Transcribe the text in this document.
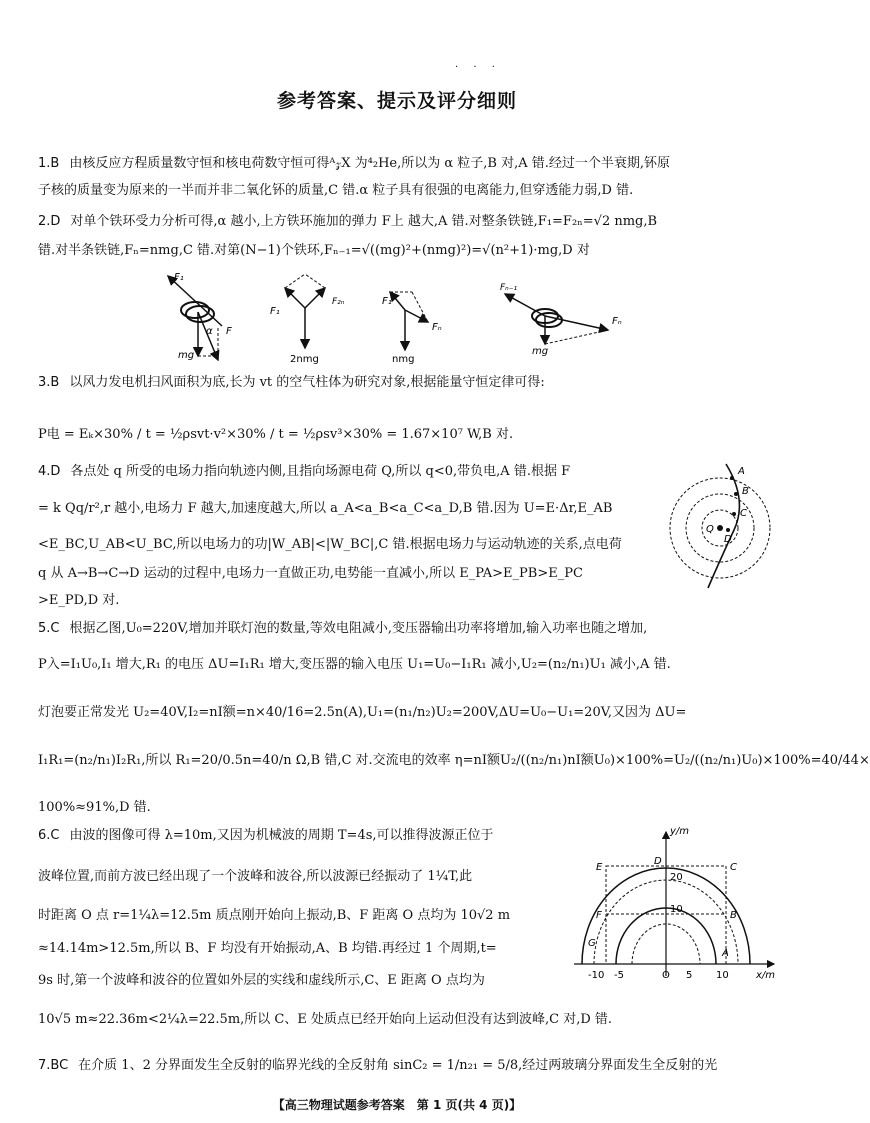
· · ·
参考答案、提示及评分细则
1.B 由核反应方程质量数守恒和核电荷数守恒可得ᴬ𝓏X 为⁴₂He,所以为 α 粒子,B 对,A 错.经过一个半衰期,钚原
子核的质量变为原来的一半而并非二氧化钚的质量,C 错.α 粒子具有很强的电离能力,但穿透能力弱,D 错.
2.D 对单个铁环受力分析可得,α 越小,上方铁环施加的弹力 F上 越大,A 错.对整条铁链,F₁=F₂ₙ=√2 nmg,B
错.对半条铁链,Fₙ=nmg,C 错.对第(N−1)个铁环,Fₙ₋₁=√((mg)²+(nmg)²)=√(n²+1)·mg,D 对
F₁
α F
mg
F₁
F₂ₙ
2nmg
F₁
Fₙ
nmg
Fₙ₋₁
Fₙ
mg
3.B 以风力发电机扫风面积为底,长为 vt 的空气柱体为研究对象,根据能量守恒定律可得:
P电 = Eₖ×30% / t = ½ρsvt·v²×30% / t = ½ρsv³×30% = 1.67×10⁷ W,B 对.
4.D 各点处 q 所受的电场力指向轨迹内侧,且指向场源电荷 Q,所以 q<0,带负电,A 错.根据 F
= k Qq/r²,r 越小,电场力 F 越大,加速度越大,所以 a_A<a_B<a_C<a_D,B 错.因为 U=E·Δr,E_AB
<E_BC,U_AB<U_BC,所以电场力的功|W_AB|<|W_BC|,C 错.根据电场力与运动轨迹的关系,点电荷
q 从 A→B→C→D 运动的过程中,电场力一直做正功,电势能一直减小,所以 E_PA>E_PB>E_PC
>E_PD,D 对.
A
B
C
D
Q
5.C 根据乙图,U₀=220V,增加并联灯泡的数量,等效电阻减小,变压器输出功率将增加,输入功率也随之增加,
P入=I₁U₀,I₁ 增大,R₁ 的电压 ΔU=I₁R₁ 增大,变压器的输入电压 U₁=U₀−I₁R₁ 减小,U₂=(n₂/n₁)U₁ 减小,A 错.
灯泡要正常发光 U₂=40V,I₂=nI额=n×40/16=2.5n(A),U₁=(n₁/n₂)U₂=200V,ΔU=U₀−U₁=20V,又因为 ΔU=
I₁R₁=(n₂/n₁)I₂R₁,所以 R₁=20/0.5n=40/n Ω,B 错,C 对.交流电的效率 η=nI额U₂/((n₂/n₁)nI额U₀)×100%=U₂/((n₂/n₁)U₀)×100%=40/44×
100%≈91%,D 错.
6.C 由波的图像可得 λ=10m,又因为机械波的周期 T=4s,可以推得波源正位于
波峰位置,而前方波已经出现了一个波峰和波谷,所以波源已经振动了 1¼T,此
时距离 O 点 r=1¼λ=12.5m 质点刚开始向上振动,B、F 距离 O 点均为 10√2 m
≈14.14m>12.5m,所以 B、F 均没有开始振动,A、B 均错.再经过 1 个周期,t=
9s 时,第一个波峰和波谷的位置如外层的实线和虚线所示,C、E 距离 O 点均为
10√5 m≈22.36m<2¼λ=22.5m,所以 C、E 处质点已经开始向上运动但没有达到波峰,C 对,D 错.
y/m
x/m
E
D
C
F	B
G
A
20
10
-10 -5	O 5 10
7.BC 在介质 1、2 分界面发生全反射的临界光线的全反射角 sinC₂ = 1/n₂₁ = 5/8,经过两玻璃分界面发生全反射的光
【高三物理试题参考答案　第 1 页(共 4 页)】
